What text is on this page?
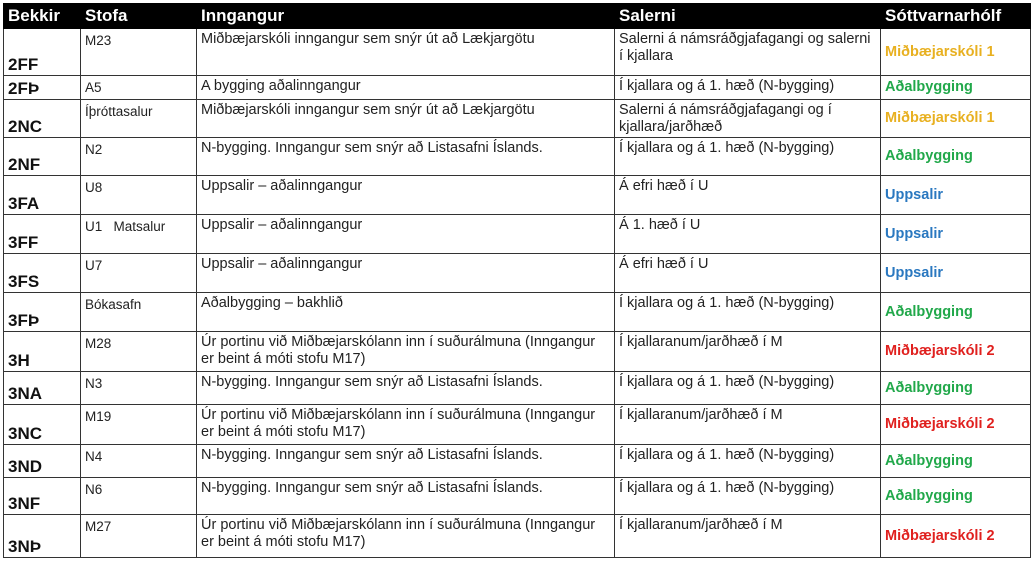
Bekkir	Stofa	Inngangur	Salerni	Sóttvarnarhólf
2FF	M23	Miðbæjarskóli inngangur sem snýr út að Lækjargötu	Salerni á námsráðgjafagangi og salerni í kjallara	Miðbæjarskóli 1
2FÞ	A5	A bygging aðalinngangur	Í kjallara og á 1. hæð (N-bygging)	Aðalbygging
2NC	Íþróttasalur	Miðbæjarskóli inngangur sem snýr út að Lækjargötu	Salerni á námsráðgjafagangi og í kjallara/jarðhæð	Miðbæjarskóli 1
2NF	N2	N-bygging. Inngangur sem snýr að Listasafni Íslands.	Í kjallara og á 1. hæð (N-bygging)	Aðalbygging
3FA	U8	Uppsalir – aðalinngangur	Á efri hæð í U	Uppsalir
3FF	U1   Matsalur	Uppsalir – aðalinngangur	Á 1. hæð í U	Uppsalir
3FS	U7	Uppsalir – aðalinngangur	Á efri hæð í U	Uppsalir
3FÞ	Bókasafn	Aðalbygging – bakhlið	Í kjallara og á 1. hæð (N-bygging)	Aðalbygging
3H	M28	Úr portinu við Miðbæjarskólann inn í suðurálmuna (Inngangur er beint á móti stofu M17)	Í kjallaranum/jarðhæð í M	Miðbæjarskóli 2
3NA	N3	N-bygging. Inngangur sem snýr að Listasafni Íslands.	Í kjallara og á 1. hæð (N-bygging)	Aðalbygging
3NC	M19	Úr portinu við Miðbæjarskólann inn í suðurálmuna (Inngangur er beint á móti stofu M17)	Í kjallaranum/jarðhæð í M	Miðbæjarskóli 2
3ND	N4	N-bygging. Inngangur sem snýr að Listasafni Íslands.	Í kjallara og á 1. hæð (N-bygging)	Aðalbygging
3NF	N6	N-bygging. Inngangur sem snýr að Listasafni Íslands.	Í kjallara og á 1. hæð (N-bygging)	Aðalbygging
3NÞ	M27	Úr portinu við Miðbæjarskólann inn í suðurálmuna (Inngangur er beint á móti stofu M17)	Í kjallaranum/jarðhæð í M	Miðbæjarskóli 2
